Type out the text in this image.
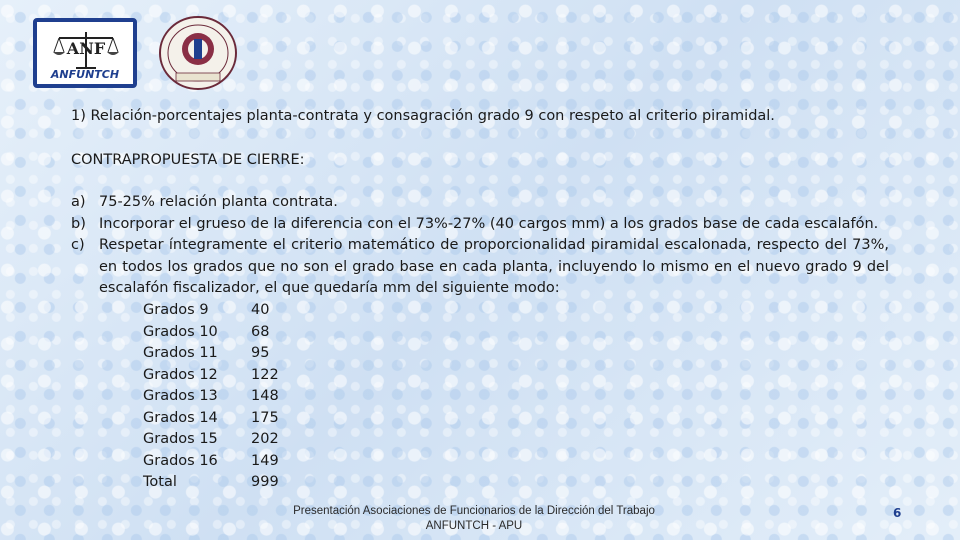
ANF
ANFUNTCH
1) Relación-porcentajes planta-contrata y consagración grado 9 con respeto al criterio piramidal.
CONTRAPROPUESTA DE CIERRE:
a) 75-25% relación planta contrata.
b) Incorporar el grueso de la diferencia con el 73%-27% (40 cargos mm) a los grados base de cada escalafón.
c) Respetar íntegramente el criterio matemático de proporcionalidad piramidal escalonada, respecto del 73%, en todos los grados que no son el grado base en cada planta, incluyendo lo mismo en el nuevo grado 9 del escalafón fiscalizador, el que quedaría mm del siguiente modo:
Grados 9	40
Grados 10 68
Grados 11 95
Grados 12 122
Grados 13 148
Grados 14 175
Grados 15 202
Grados 16 149
Total	999
Presentación Asociaciones de Funcionarios de la Dirección del Trabajo
ANFUNTCH - APU
6
